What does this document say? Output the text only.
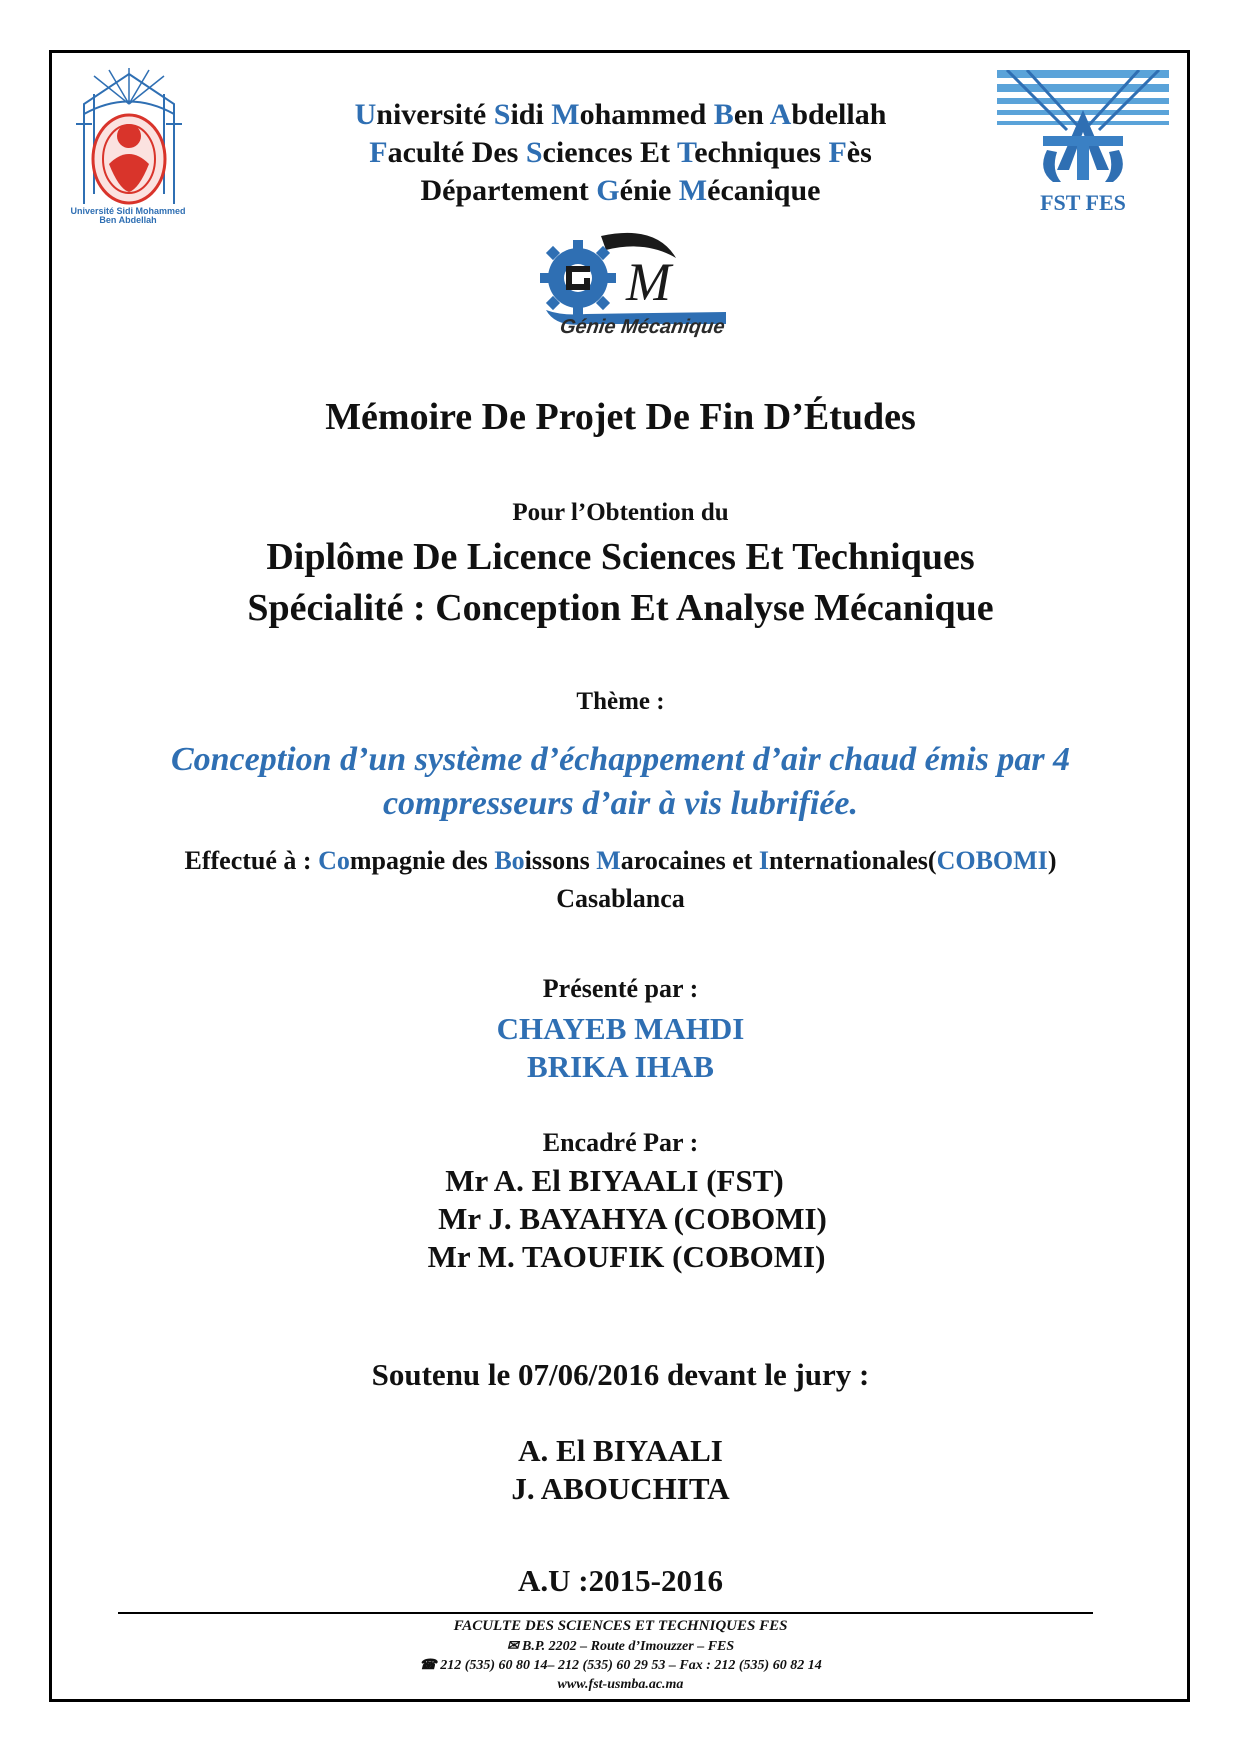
Université Sidi Mohammed
Ben Abdellah
FST FES
M
Génie Mécanique
Université Sidi Mohammed Ben Abdellah
Faculté Des Sciences Et Techniques Fès
Département Génie Mécanique
Mémoire De Projet De Fin D’Études
Pour l’Obtention du
Diplôme De Licence Sciences Et Techniques
Spécialité : Conception Et Analyse Mécanique
Thème :
Conception d’un système d’échappement d’air chaud émis par 4
compresseurs d’air à vis lubrifiée.
Effectué à : Compagnie des Boissons Marocaines et Internationales(COBOMI)
Casablanca
Présenté par :
CHAYEB MAHDI
BRIKA IHAB
Encadré Par :
Mr A. El BIYAALI (FST)
Mr J. BAYAHYA (COBOMI)
Mr M. TAOUFIK (COBOMI)
Soutenu le 07/06/2016 devant le jury :
A. El BIYAALI
J. ABOUCHITA
A.U :2015-2016
FACULTE DES SCIENCES ET TECHNIQUES FES
✉ B.P. 2202 – Route d’Imouzzer – FES
☎ 212 (535) 60 80 14– 212 (535) 60 29 53 – Fax : 212 (535) 60 82 14
www.fst-usmba.ac.ma
